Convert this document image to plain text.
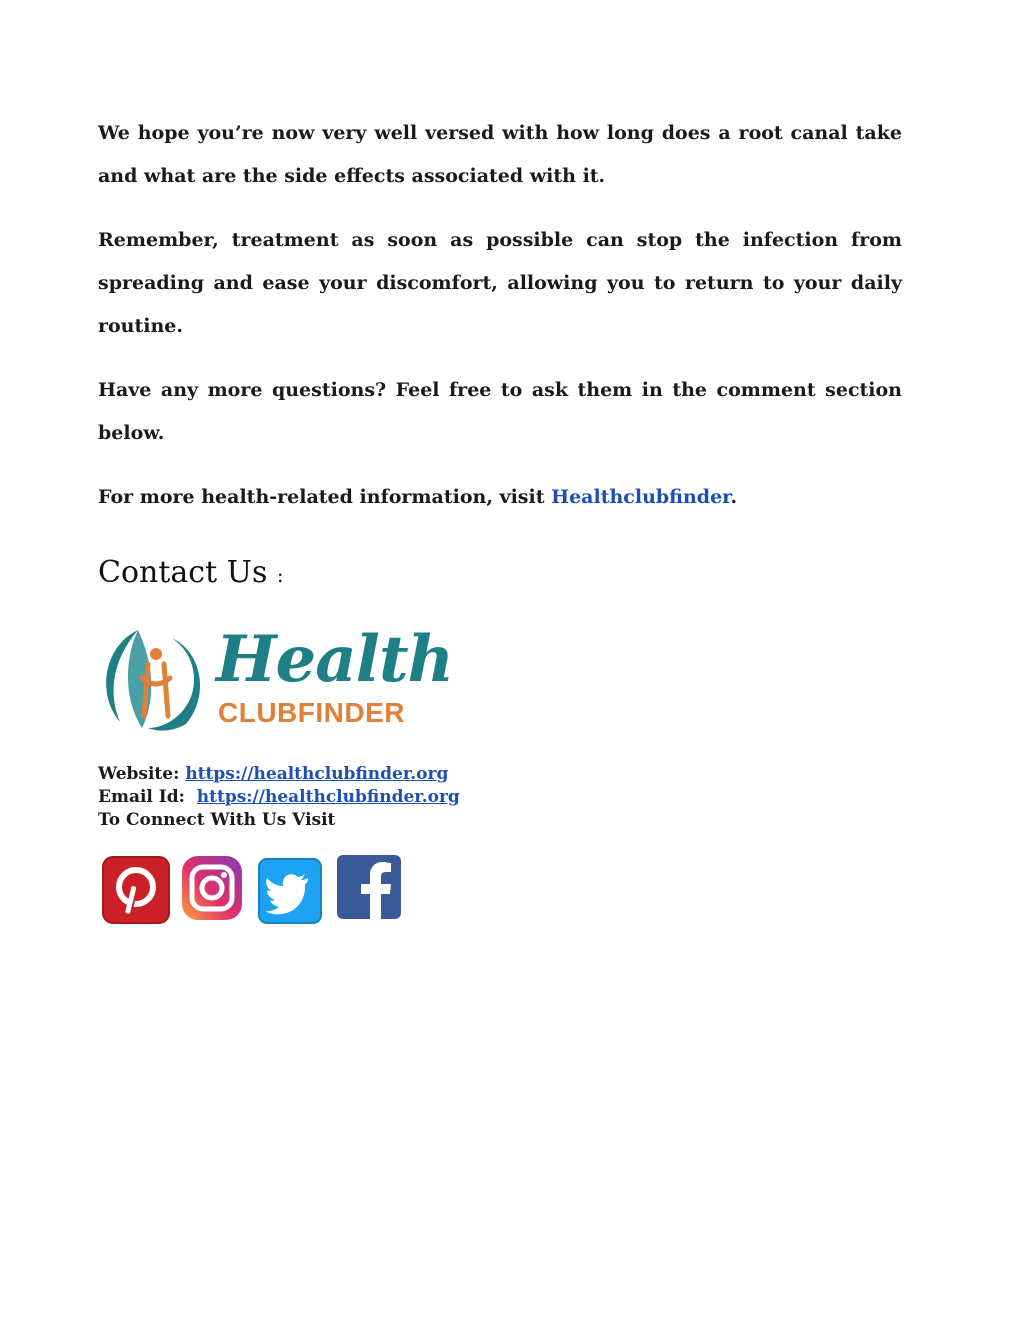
We hope you’re now very well versed with how long does a root canal take and what are the side effects associated with it.

Remember, treatment as soon as possible can stop the infection from spreading and ease your discomfort, allowing you to return to your daily routine.

Have any more questions? Feel free to ask them in the comment section below.

For more health-related information, visit Healthclubfinder.

Contact Us :
Health
CLUBFINDER
Website: https://healthclubfinder.org
Email Id:  https://healthclubfinder.org
To Connect With Us Visit
